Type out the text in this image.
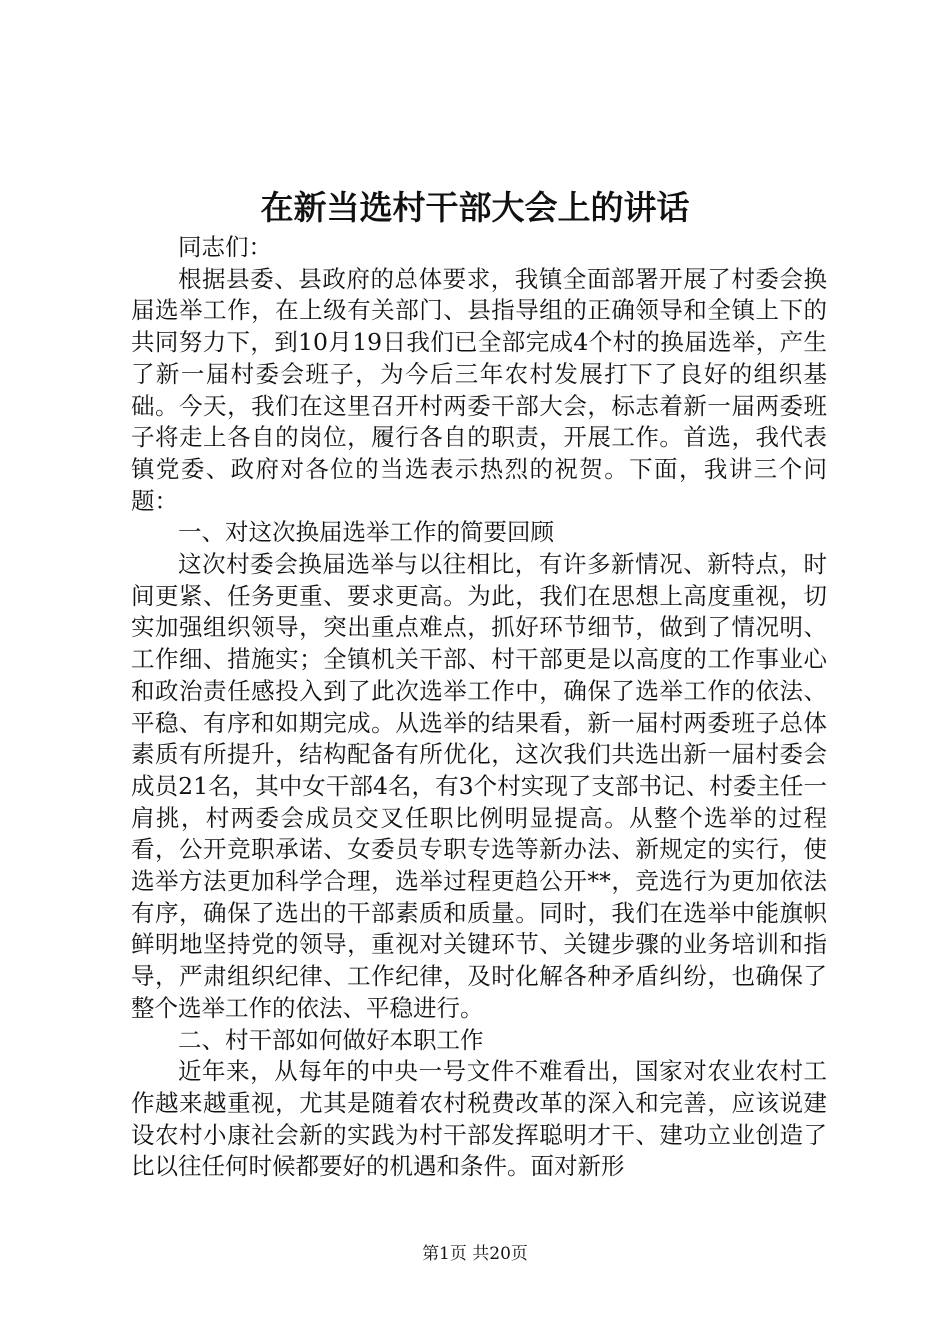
在新当选村干部大会上的讲话

同志们：

根据县委、县政府的总体要求，我镇全面部署开展了村委会换届选举工作，在上级有关部门、县指导组的正确领导和全镇上下的共同努力下，到10月19日我们已全部完成4个村的换届选举，产生了新一届村委会班子，为今后三年农村发展打下了良好的组织基础。今天，我们在这里召开村两委干部大会，标志着新一届两委班子将走上各自的岗位，履行各自的职责，开展工作。首选，我代表镇党委、政府对各位的当选表示热烈的祝贺。下面，我讲三个问题：

一、对这次换届选举工作的简要回顾

这次村委会换届选举与以往相比，有许多新情况、新特点，时间更紧、任务更重、要求更高。为此，我们在思想上高度重视，切实加强组织领导，突出重点难点，抓好环节细节，做到了情况明、工作细、措施实；全镇机关干部、村干部更是以高度的工作事业心和政治责任感投入到了此次选举工作中，确保了选举工作的依法、平稳、有序和如期完成。从选举的结果看，新一届村两委班子总体素质有所提升，结构配备有所优化，这次我们共选出新一届村委会成员21名，其中女干部4名，有3个村实现了支部书记、村委主任一肩挑，村两委会成员交叉任职比例明显提高。从整个选举的过程看，公开竞职承诺、女委员专职专选等新办法、新规定的实行，使选举方法更加科学合理，选举过程更趋公开**，竞选行为更加依法有序，确保了选出的干部素质和质量。同时，我们在选举中能旗帜鲜明地坚持党的领导，重视对关键环节、关键步骤的业务培训和指导，严肃组织纪律、工作纪律，及时化解各种矛盾纠纷，也确保了整个选举工作的依法、平稳进行。

二、村干部如何做好本职工作

近年来，从每年的中央一号文件不难看出，国家对农业农村工作越来越重视，尤其是随着农村税费改革的深入和完善，应该说建设农村小康社会新的实践为村干部发挥聪明才干、建功立业创造了比以往任何时候都要好的机遇和条件。面对新形

第1页 共20页
